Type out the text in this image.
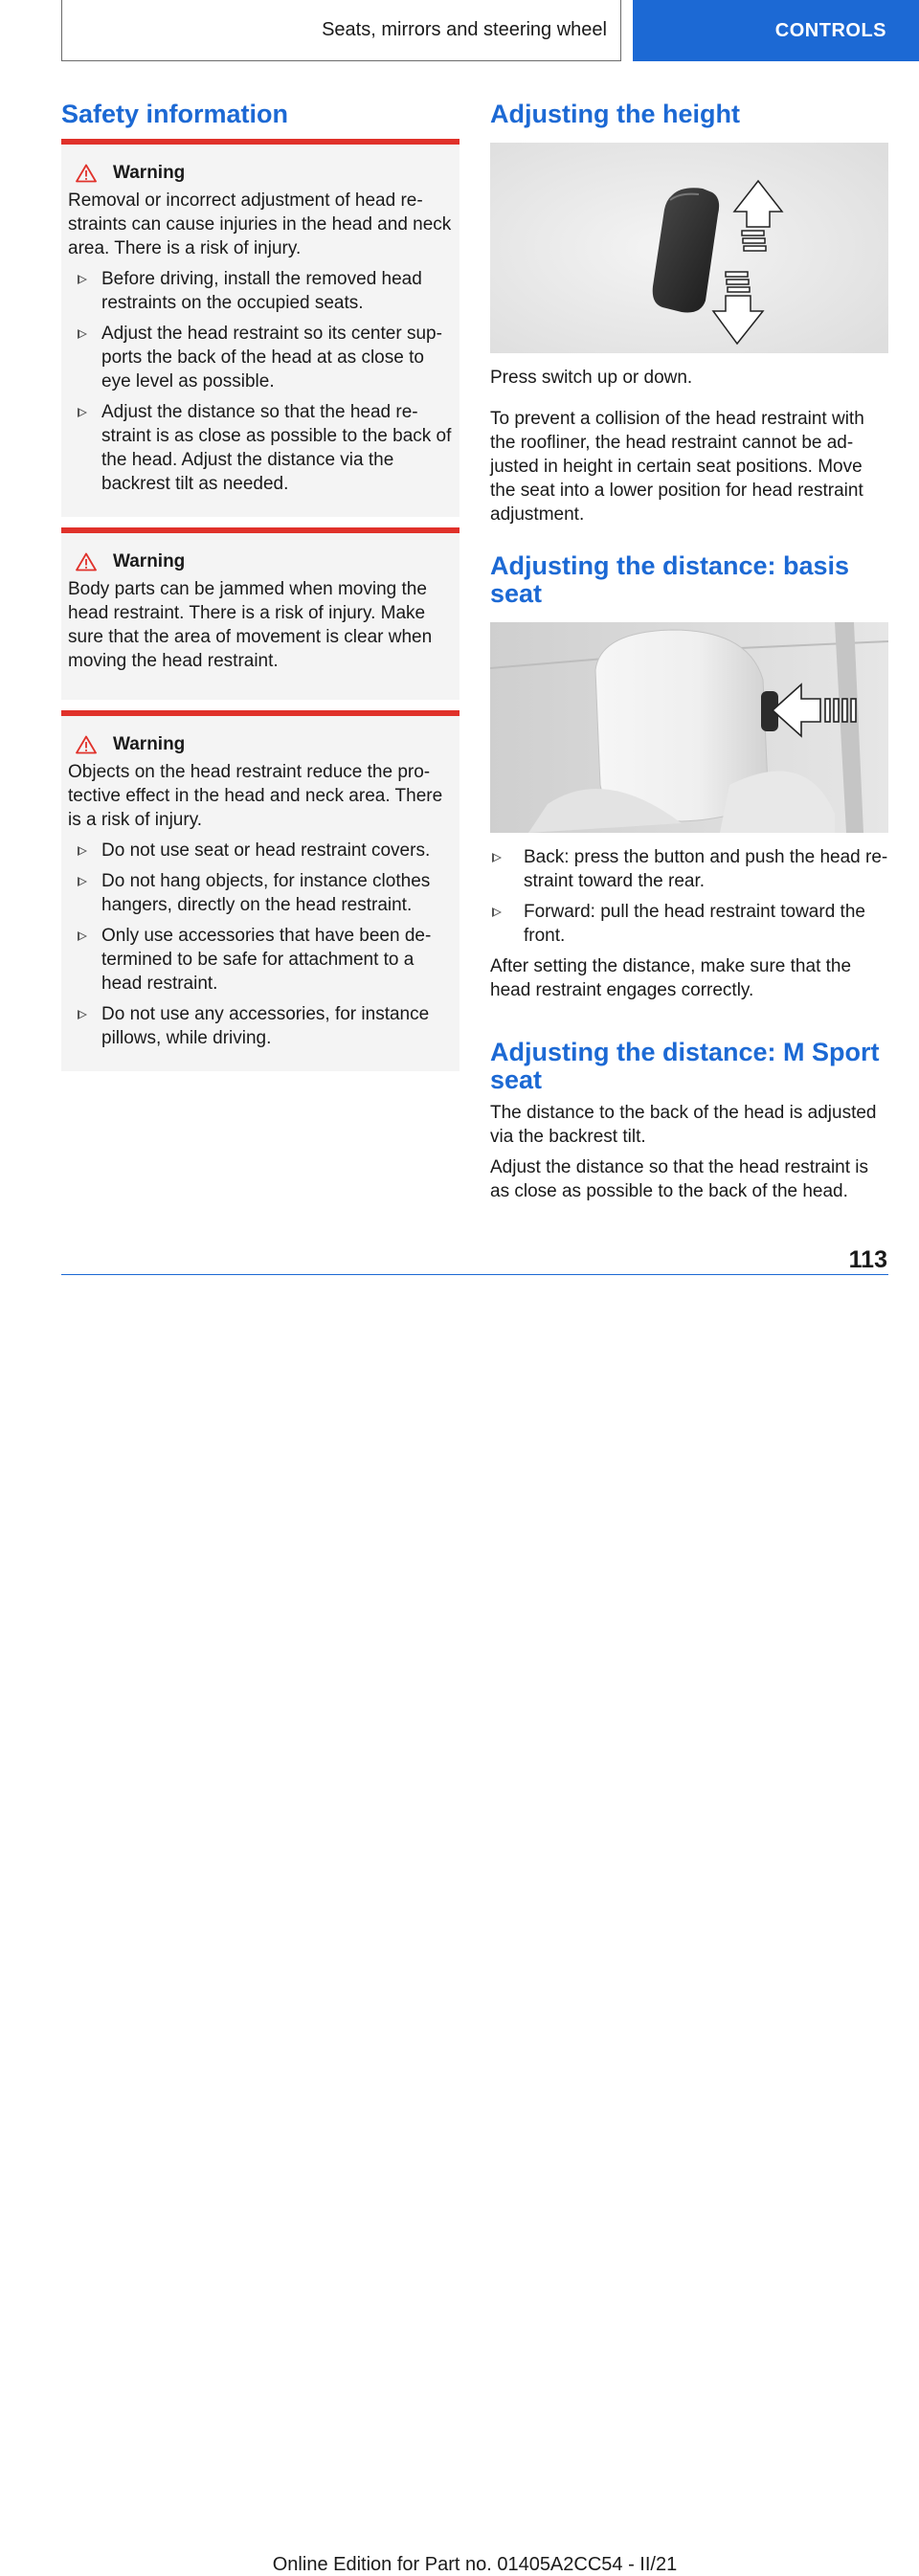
Seats, mirrors and steering wheel	CONTROLS
Safety information
Warning

Removal or incorrect adjustment of head re-straints can cause injuries in the head and neck area. There is a risk of injury.

Before driving, install the removed head restraints on the occupied seats.
Adjust the head restraint so its center sup-ports the back of the head at as close to eye level as possible.
Adjust the distance so that the head re-straint is as close as possible to the back of the head. Adjust the distance via the backrest tilt as needed.
Warning

Body parts can be jammed when moving the head restraint. There is a risk of injury. Make sure that the area of movement is clear when moving the head restraint.

Warning

Objects on the head restraint reduce the pro-tective effect in the head and neck area. There is a risk of injury.

Do not use seat or head restraint covers.
Do not hang objects, for instance clothes hangers, directly on the head restraint.
Only use accessories that have been de-termined to be safe for attachment to a head restraint.
Do not use any accessories, for instance pillows, while driving.
Adjusting the height

Press switch up or down.

To prevent a collision of the head restraint with the roofliner, the head restraint cannot be ad-justed in height in certain seat positions. Move the seat into a lower position for head restraint adjustment.

Adjusting the distance: basis seat
Back: press the button and push the head re-straint toward the rear.
Forward: pull the head restraint toward the front.

After setting the distance, make sure that the head restraint engages correctly.

Adjusting the distance: M Sport seat

The distance to the back of the head is adjusted via the backrest tilt.

Adjust the distance so that the head restraint is as close as possible to the back of the head.

113
Online Edition for Part no. 01405A2CC54 - II/21
